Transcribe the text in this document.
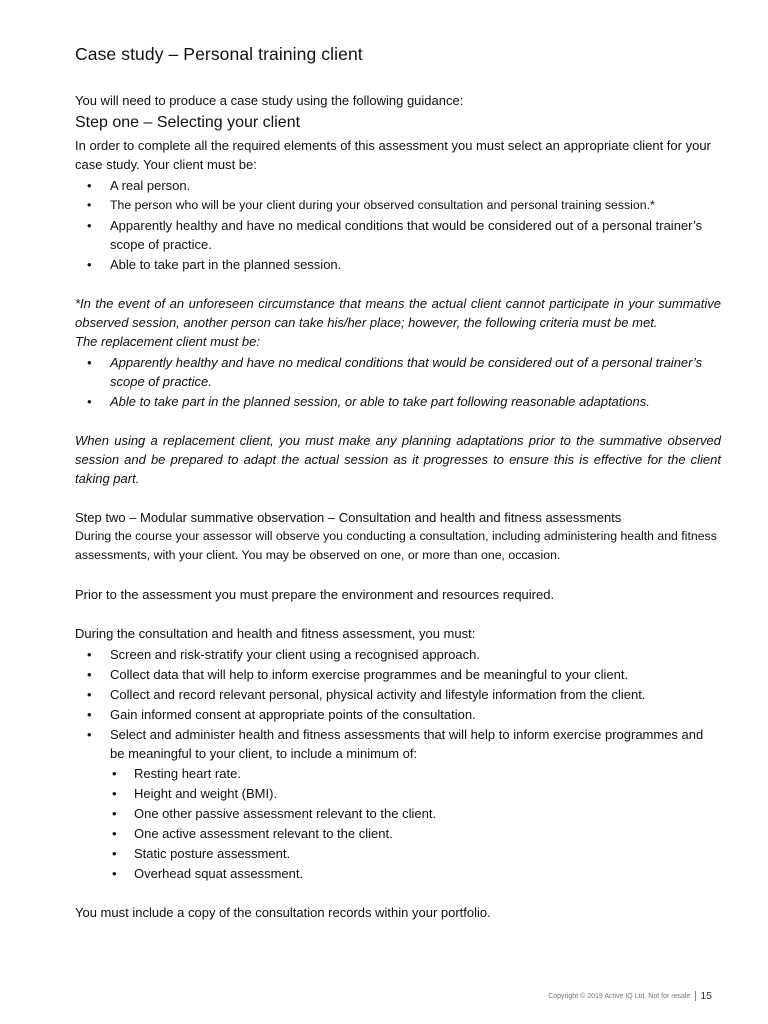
Case study – Personal training client

You will need to produce a case study using the following guidance:

Step one – Selecting your client

In order to complete all the required elements of this assessment you must select an appropriate client for your case study. Your client must be:

• A real person.
• The person who will be your client during your observed consultation and personal training session.*
• Apparently healthy and have no medical conditions that would be considered out of a personal trainer’s scope of practice.
• Able to take part in the planned session.

*In the event of an unforeseen circumstance that means the actual client cannot participate in your summative observed session, another person can take his/her place; however, the following criteria must be met.

The replacement client must be:

• Apparently healthy and have no medical conditions that would be considered out of a personal trainer’s scope of practice.
• Able to take part in the planned session, or able to take part following reasonable adaptations.

When using a replacement client, you must make any planning adaptations prior to the summative observed session and be prepared to adapt the actual session as it progresses to ensure this is effective for the client taking part.

Step two – Modular summative observation – Consultation and health and fitness assessments

During the course your assessor will observe you conducting a consultation, including administering health and fitness assessments, with your client. You may be observed on one, or more than one, occasion.

Prior to the assessment you must prepare the environment and resources required.

During the consultation and health and fitness assessment, you must:

• Screen and risk-stratify your client using a recognised approach.
• Collect data that will help to inform exercise programmes and be meaningful to your client.
• Collect and record relevant personal, physical activity and lifestyle information from the client.
• Gain informed consent at appropriate points of the consultation.
• Select and administer health and fitness assessments that will help to inform exercise programmes and be meaningful to your client, to include a minimum of:
• Resting heart rate.
• Height and weight (BMI).
• One other passive assessment relevant to the client.
• One active assessment relevant to the client.
• Static posture assessment.
• Overhead squat assessment.

You must include a copy of the consultation records within your portfolio.

Copyright © 2019 Active IQ Ltd. Not for resale 15
